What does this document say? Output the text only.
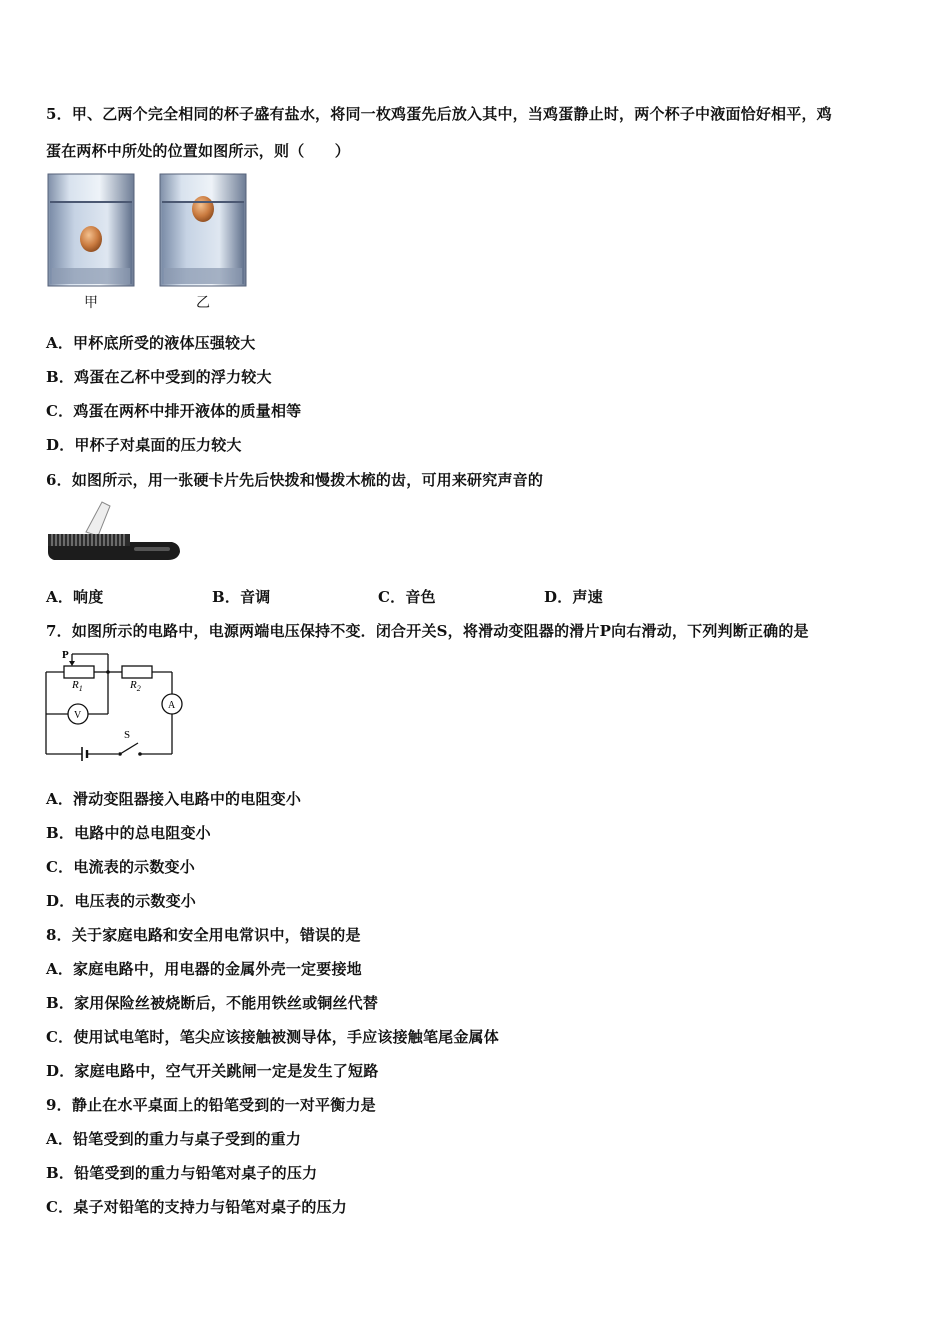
5．甲、乙两个完全相同的杯子盛有盐水，将同一枚鸡蛋先后放入其中，当鸡蛋静止时，两个杯子中液面恰好相平，鸡
蛋在两杯中所处的位置如图所示，则（　　）
甲	乙
A．甲杯底所受的液体压强较大
B．鸡蛋在乙杯中受到的浮力较大
C．鸡蛋在两杯中排开液体的质量相等
D．甲杯子对桌面的压力较大
6．如图所示，用一张硬卡片先后快拨和慢拨木梳的齿，可用来研究声音的
A．响度	B．音调	C．音色	D．声速
7．如图所示的电路中，电源两端电压保持不变．闭合开关S，将滑动变阻器的滑片P向右滑动，下列判断正确的是
P
$R_1$	$R_2$
V
A
S
A．滑动变阻器接入电路中的电阻变小
B．电路中的总电阻变小
C．电流表的示数变小
D．电压表的示数变小
8．关于家庭电路和安全用电常识中，错误的是
A．家庭电路中，用电器的金属外壳一定要接地
B．家用保险丝被烧断后，不能用铁丝或铜丝代替
C．使用试电笔时，笔尖应该接触被测导体，手应该接触笔尾金属体
D．家庭电路中，空气开关跳闸一定是发生了短路
9．静止在水平桌面上的铅笔受到的一对平衡力是
A．铅笔受到的重力与桌子受到的重力
B．铅笔受到的重力与铅笔对桌子的压力
C．桌子对铅笔的支持力与铅笔对桌子的压力
